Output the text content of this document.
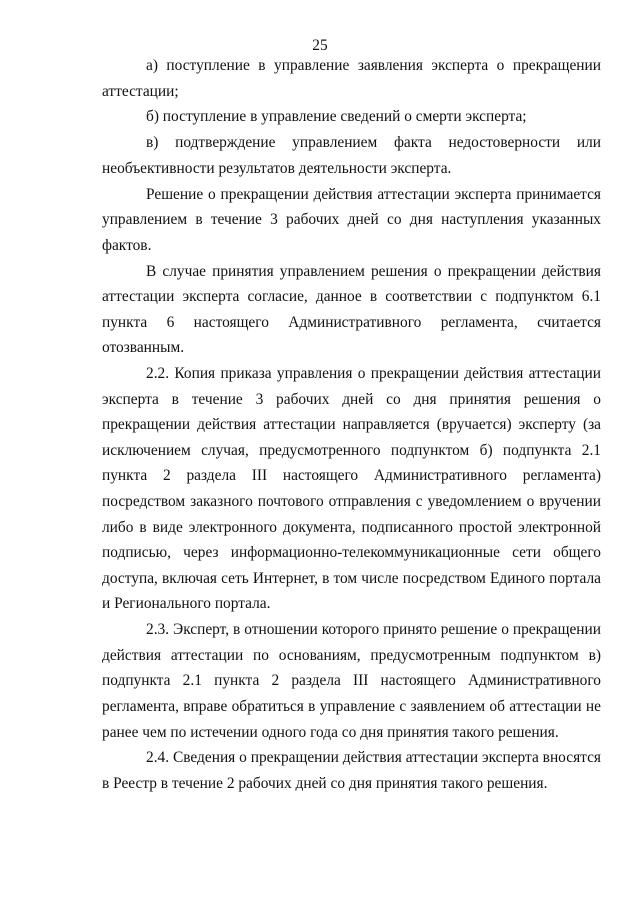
25

а) поступление в управление заявления эксперта о прекращении аттестации;

б) поступление в управление сведений о смерти эксперта;

в) подтверждение управлением факта недостоверности или необъективности результатов деятельности эксперта.

Решение о прекращении действия аттестации эксперта принимается управлением в течение 3 рабочих дней со дня наступления указанных фактов.

В случае принятия управлением решения о прекращении действия аттестации эксперта согласие, данное в соответствии с подпунктом 6.1 пункта 6 настоящего Административного регламента, считается отозванным.

2.2. Копия приказа управления о прекращении действия аттестации эксперта в течение 3 рабочих дней со дня принятия решения о прекращении действия аттестации направляется (вручается) эксперту (за исключением случая, предусмотренного подпунктом б) подпункта 2.1 пункта 2 раздела III настоящего Административного регламента) посредством заказного почтового отправления с уведомлением о вручении либо в виде электронного документа, подписанного простой электронной подписью, через информационно-телекоммуникационные сети общего доступа, включая сеть Интернет, в том числе посредством Единого портала и Регионального портала.

2.3. Эксперт, в отношении которого принято решение о прекращении действия аттестации по основаниям, предусмотренным подпунктом в) подпункта 2.1 пункта 2 раздела III настоящего Административного регламента, вправе обратиться в управление с заявлением об аттестации не ранее чем по истечении одного года со дня принятия такого решения.

2.4. Сведения о прекращении действия аттестации эксперта вносятся в Реестр в течение 2 рабочих дней со дня принятия такого решения.
